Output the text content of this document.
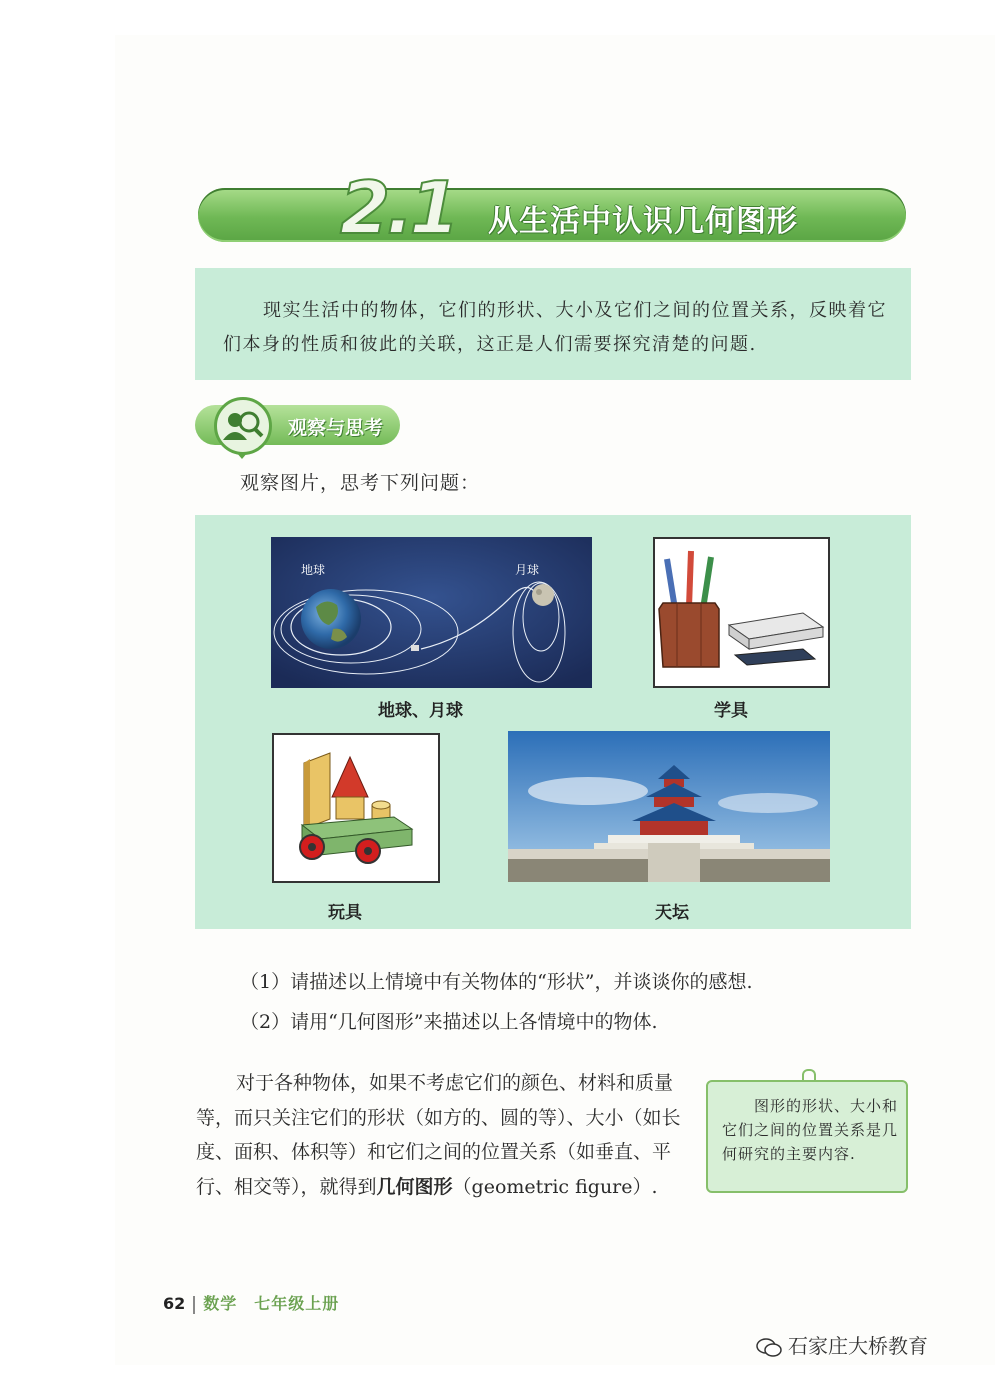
2.1 从生活中认识几何图形

现实生活中的物体，它们的形状、大小及它们之间的位置关系，反映着它们本身的性质和彼此的关联，这正是人们需要探究清楚的问题.

观察与思考
观察图片，思考下列问题：
地球	月球
地球、月球	学具
玩具	天坛
（1）请描述以上情境中有关物体的“形状”，并谈谈你的感想.
（2）请用“几何图形”来描述以上各情境中的物体.

对于各种物体，如果不考虑它们的颜色、材料和质量等，而只关注它们的形状（如方的、圆的等）、大小（如长度、面积、体积等）和它们之间的位置关系（如垂直、平行、相交等），就得到几何图形（geometric figure）.

图形的形状、大小和它们之间的位置关系是几何研究的主要内容.

62 数学　七年级上册
石家庄大桥教育
